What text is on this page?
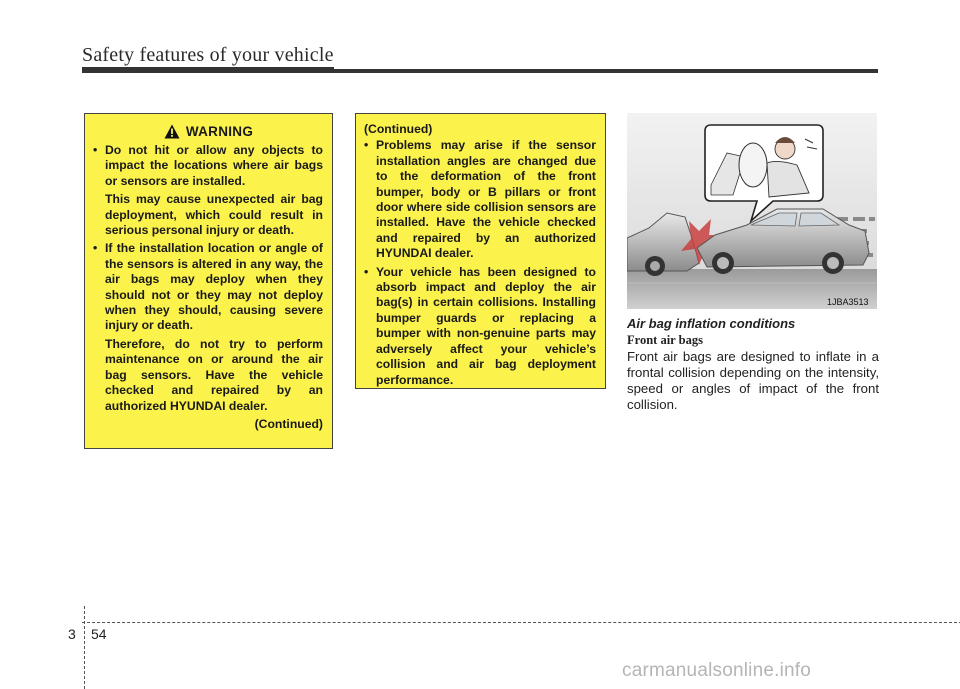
Safety features of your vehicle
WARNING
• Do not hit or allow any objects to impact the locations where air bags or sensors are installed.
This may cause unexpected air bag deployment, which could result in serious personal injury or death.
• If the installation location or angle of the sensors is altered in any way, the air bags may deploy when they should not or they may not deploy when they should, causing severe injury or death.
Therefore, do not try to perform maintenance on or around the air bag sensors. Have the vehicle checked and repaired by an authorized HYUNDAI dealer.
(Continued)
(Continued)
• Problems may arise if the sensor installation angles are changed due to the deformation of the front bumper, body or B pillars or front door where side collision sensors are installed. Have the vehicle checked and repaired by an authorized HYUNDAI dealer.
• Your vehicle has been designed to absorb impact and deploy the air bag(s) in certain collisions. Installing bumper guards or replacing a bumper with non-genuine parts may adversely affect your vehicle’s collision and air bag deployment performance.
1JBA3513
Air bag inflation conditions
Front air bags
Front air bags are designed to inflate in a frontal collision depending on the intensity, speed or angles of impact of the front collision.
3 54
carmanualsonline.info
